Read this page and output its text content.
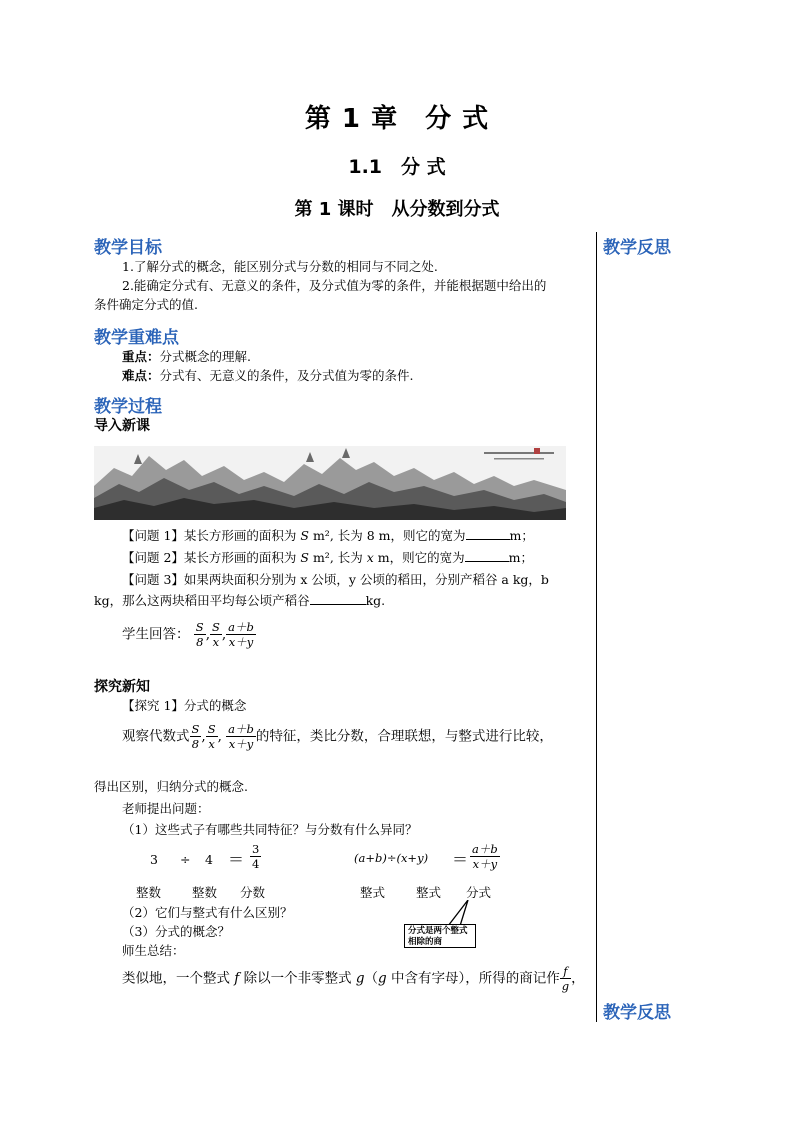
第 1 章　分 式
1.1　分 式
第 1 课时　从分数到分式
教学反思
教学反思
教学目标
1.了解分式的概念，能区别分式与分数的相同与不同之处.
2.能确定分式有、无意义的条件，及分式值为零的条件，并能根据题中给出的
条件确定分式的值.
教学重难点
重点：分式概念的理解.
难点：分式有、无意义的条件，及分式值为零的条件.
教学过程
导入新课
【问题 1】某长方形画的面积为 S m², 长为 8 m，则它的宽为	m；
【问题 2】某长方形画的面积为 S m², 长为 x m，则它的宽为	m；
【问题 3】如果两块面积分别为 x 公顷，y 公顷的稻田，分别产稻谷 a kg，b
kg，那么这两块稻田平均每公顷产稻谷	kg.
学生回答： $\frac{S}{8}$ , $\frac{S}{x}$ , $\frac{a+b}{x+y}$
探究新知
【探究 1】分式的概念
观察代数式 $\frac{S}{8}$ , $\frac{S}{x}$ , $\frac{a+b}{x+y}$ 的特征，类比分数，合理联想，与整式进行比较，
得出区别，归纳分式的概念.
老师提出问题：
（1）这些式子有哪些共同特征？与分数有什么异同？
$3 \div 4 = \frac{3}{4}$	$(a+b)\div(x+y) = \frac{a+b}{x+y}$
整数 整数 分数	整式 整式 分式
（2）它们与整式有什么区别？
（3）分式的概念？	分式是两个整式相除的商
师生总结：
类似地，一个整式 f 除以一个非零整式 g（g 中含有字母），所得的商记作 $\frac{f}{g}$ ，
